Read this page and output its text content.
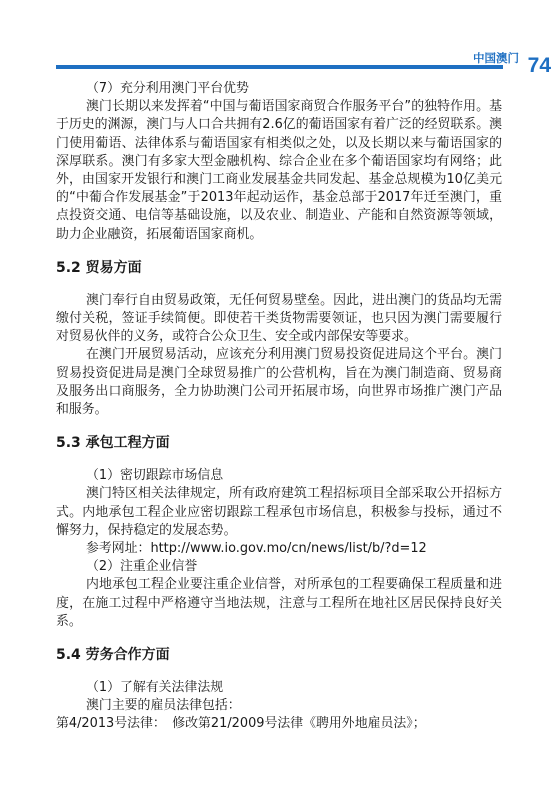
中国澳门 74
（7）充分利用澳门平台优势
澳门长期以来发挥着“中国与葡语国家商贸合作服务平台”的独特作用。基于历史的渊源，澳门与人口合共拥有2.6亿的葡语国家有着广泛的经贸联系。澳门使用葡语、法律体系与葡语国家有相类似之处，以及长期以来与葡语国家的深厚联系。澳门有多家大型金融机构、综合企业在多个葡语国家均有网络；此外，由国家开发银行和澳门工商业发展基金共同发起、基金总规模为10亿美元的“中葡合作发展基金”于2013年起动运作，基金总部于2017年迁至澳门，重点投资交通、电信等基础设施，以及农业、制造业、产能和自然资源等领域，助力企业融资，拓展葡语国家商机。
5.2 贸易方面
澳门奉行自由贸易政策，无任何贸易壁垒。因此，进出澳门的货品均无需缴付关税，签证手续简便。即使若干类货物需要领证，也只因为澳门需要履行对贸易伙伴的义务，或符合公众卫生、安全或内部保安等要求。
在澳门开展贸易活动，应该充分利用澳门贸易投资促进局这个平台。澳门贸易投资促进局是澳门全球贸易推广的公营机构，旨在为澳门制造商、贸易商及服务出口商服务，全力协助澳门公司开拓展市场，向世界市场推广澳门产品和服务。
5.3 承包工程方面
（1）密切跟踪市场信息
澳门特区相关法律规定，所有政府建筑工程招标项目全部采取公开招标方式。内地承包工程企业应密切跟踪工程承包市场信息，积极参与投标，通过不懈努力，保持稳定的发展态势。
参考网址：http://www.io.gov.mo/cn/news/list/b/?d=12
（2）注重企业信誉
内地承包工程企业要注重企业信誉，对所承包的工程要确保工程质量和进度，在施工过程中严格遵守当地法规，注意与工程所在地社区居民保持良好关系。
5.4 劳务合作方面
（1）了解有关法律法规
澳门主要的雇员法律包括：
第4/2013号法律：　修改第21/2009号法律《聘用外地雇员法》；
